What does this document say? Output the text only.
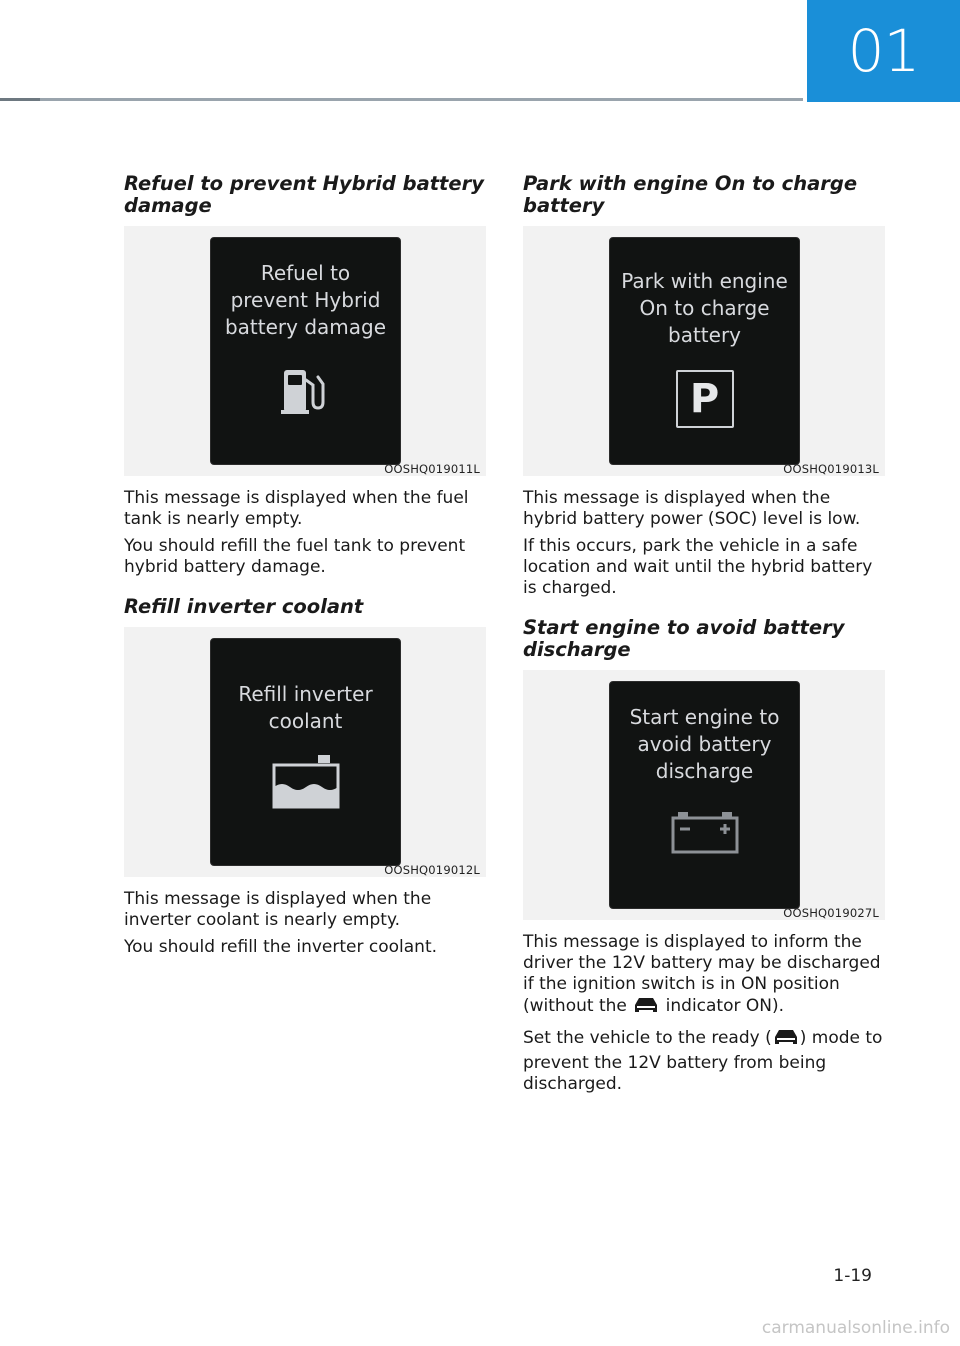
01
Refuel to prevent Hybrid battery damage
Refuel to
prevent Hybrid
battery damage
OOSHQ019011L

This message is displayed when the fuel tank is nearly empty.

You should refill the fuel tank to prevent hybrid battery damage.

Refill inverter coolant
Refill inverter
coolant
OOSHQ019012L

This message is displayed when the inverter coolant is nearly empty.

You should refill the inverter coolant.

Park with engine On to charge battery
Park with engine
On to charge
battery
P
OOSHQ019013L

This message is displayed when the hybrid battery power (SOC) level is low.

If this occurs, park the vehicle in a safe location and wait until the hybrid battery is charged.

Start engine to avoid battery discharge
Start engine to
avoid battery
discharge
OOSHQ019027L

This message is displayed to inform the driver the 12V battery may be discharged if the ignition switch is in ON position (without the  indicator ON).

Set the vehicle to the ready ( ) mode to prevent the 12V battery from being discharged.

1-19
carmanualsonline.info
